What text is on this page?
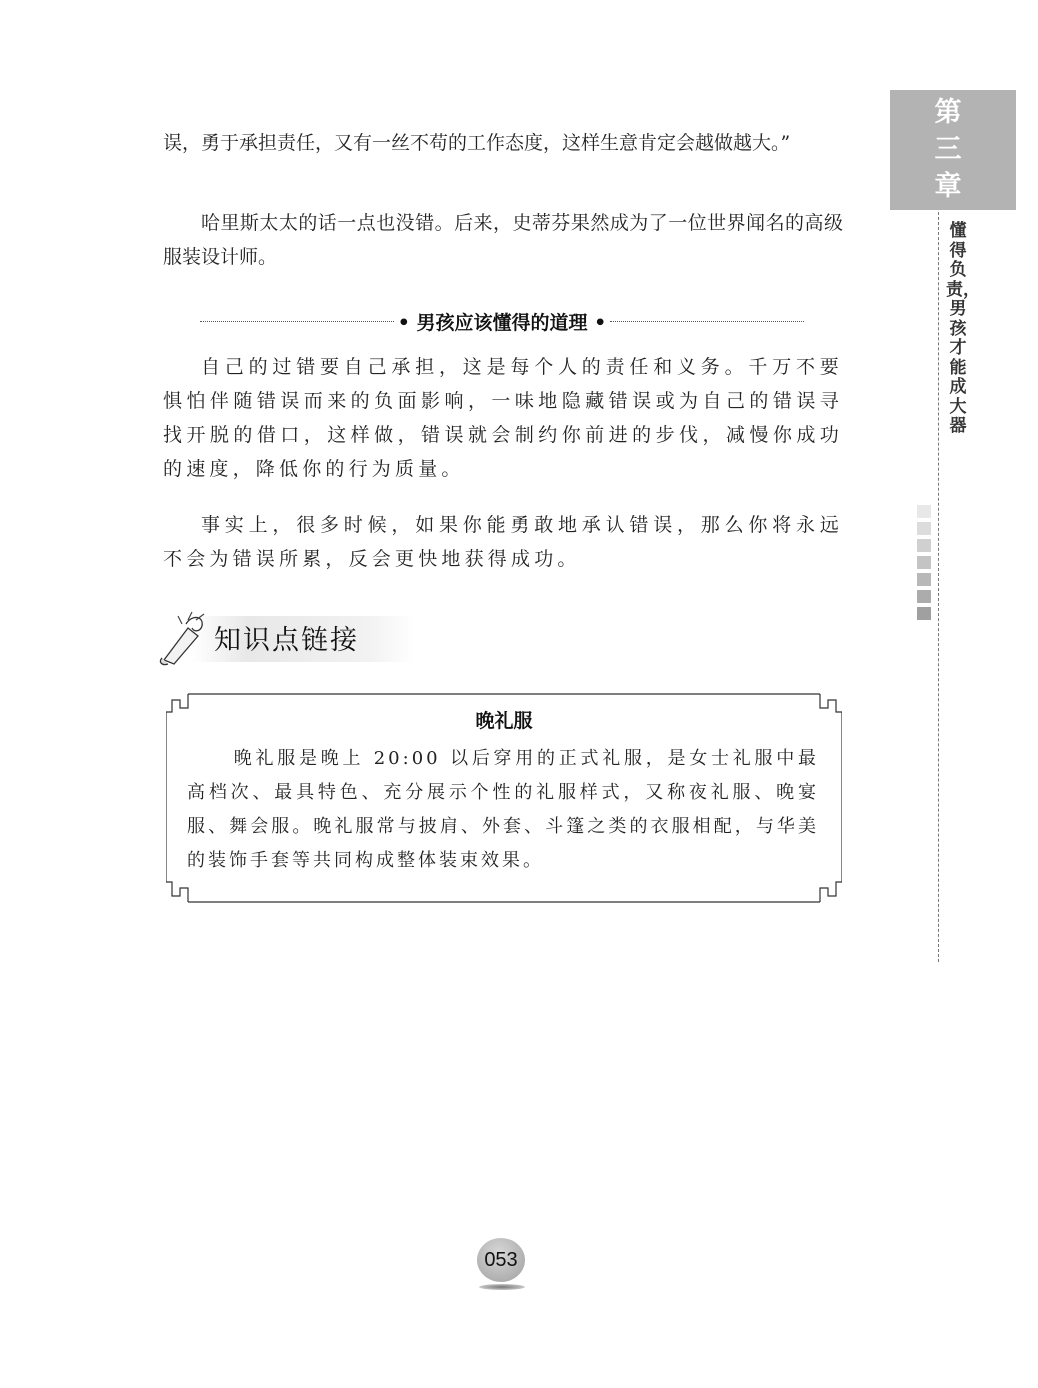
误，勇于承担责任，又有一丝不苟的工作态度，这样生意肯定会越做越大。”

哈里斯太太的话一点也没错。后来，史蒂芬果然成为了一位世界闻名的高级服装设计师。

• 男孩应该懂得的道理 •

自己的过错要自己承担，这是每个人的责任和义务。千万不要惧怕伴随错误而来的负面影响，一味地隐藏错误或为自己的错误寻找开脱的借口，这样做，错误就会制约你前进的步伐，减慢你成功的速度，降低你的行为质量。

事实上，很多时候，如果你能勇敢地承认错误，那么你将永远不会为错误所累，反会更快地获得成功。

知识点链接
晚礼服

晚礼服是晚上 20:00 以后穿用的正式礼服，是女士礼服中最高档次、最具特色、充分展示个性的礼服样式，又称夜礼服、晚宴服、舞会服。晚礼服常与披肩、外套、斗篷之类的衣服相配，与华美的装饰手套等共同构成整体装束效果。

第三章
懂得负责，男孩才能成大器
053
